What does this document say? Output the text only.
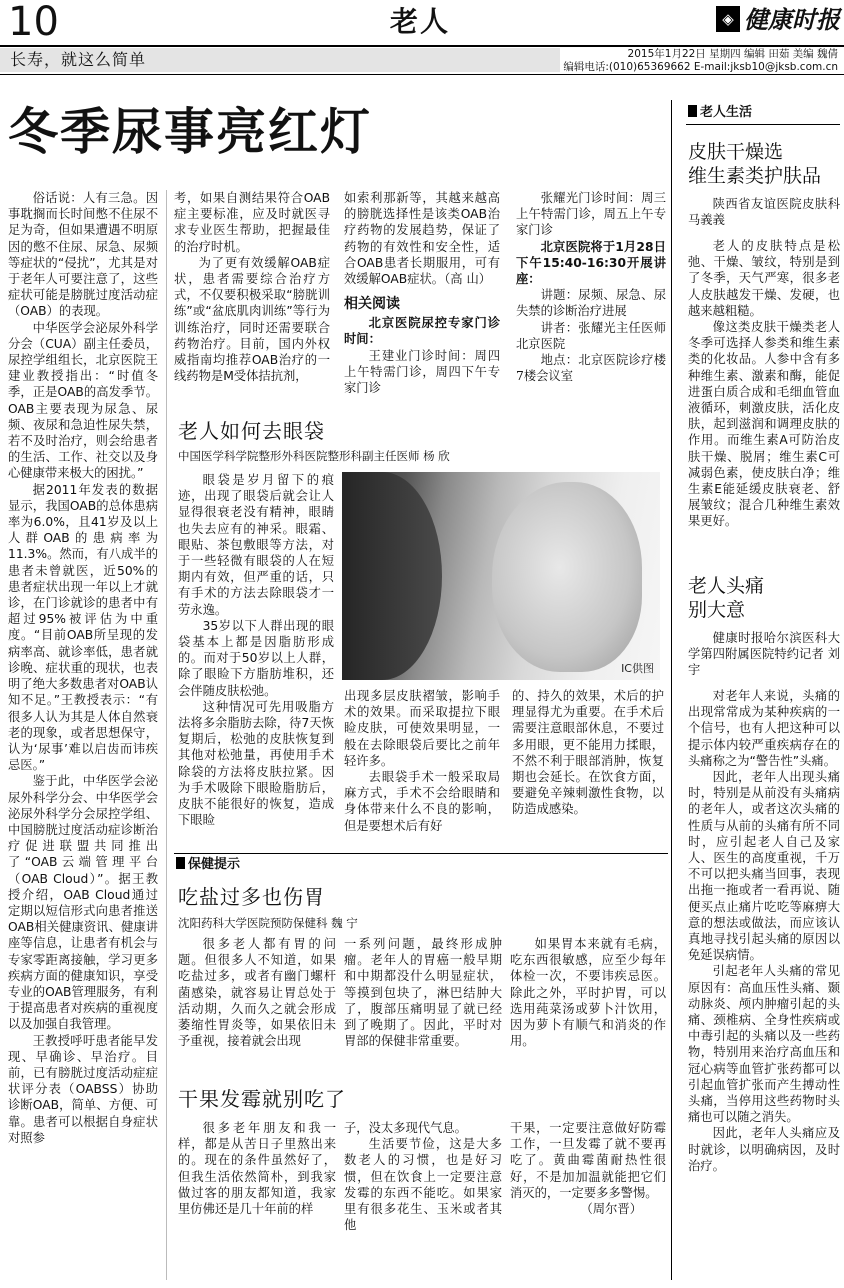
10	老人	◈ 健康时报
长寿，就这么简单	2015年1月22日 星期四 编辑 田茹 美编 魏倩
编辑电话:(010)65369662 E-mail:jksb10@jksb.com.cn
冬季尿事亮红灯

俗话说：人有三急。因事耽搁而长时间憋不住尿不足为奇，但如果遭遇不明原因的憋不住尿、尿急、尿频等症状的“侵扰”，尤其是对于老年人可要注意了，这些症状可能是膀胱过度活动症（OAB）的表现。

中华医学会泌尿外科学分会（CUA）副主任委员，尿控学组组长，北京医院王建业教授指出：“时值冬季，正是OAB的高发季节。OAB主要表现为尿急、尿频、夜尿和急迫性尿失禁，若不及时治疗，则会给患者的生活、工作、社交以及身心健康带来极大的困扰。”

据2011年发表的数据显示，我国OAB的总体患病率为6.0%，且41岁及以上人群OAB的患病率为11.3%。然而，有八成半的患者未曾就医，近50%的患者症状出现一年以上才就诊，在门诊就诊的患者中有超过95%被评估为中重度。“目前OAB所呈现的发病率高、就诊率低，患者就诊晚、症状重的现状，也表明了绝大多数患者对OAB认知不足。”王教授表示：“有很多人认为其是人体自然衰老的现象，或者思想保守，认为‘尿事’难以启齿而讳疾忌医。”

鉴于此，中华医学会泌尿外科学分会、中华医学会泌尿外科学分会尿控学组、中国膀胱过度活动症诊断治疗促进联盟共同推出了“OAB云端管理平台（OAB Cloud）”。据王教授介绍，OAB Cloud通过定期以短信形式向患者推送OAB相关健康资讯、健康讲座等信息，让患者有机会与专家零距离接触，学习更多疾病方面的健康知识，享受专业的OAB管理服务，有利于提高患者对疾病的重视度以及加强自我管理。

王教授呼吁患者能早发现、早确诊、早治疗。目前，已有膀胱过度活动症症状评分表（OABSS）协助诊断OAB，简单、方便、可靠。患者可以根据自身症状对照参

考，如果自测结果符合OAB症主要标准，应及时就医寻求专业医生帮助，把握最佳的治疗时机。

为了更有效缓解OAB症状，患者需要综合治疗方式，不仅要积极采取“膀胱训练”或“盆底肌肉训练”等行为训练治疗，同时还需要联合药物治疗。目前，国内外权威指南均推荐OAB治疗的一线药物是M受体拮抗剂，

如索利那新等，其越来越高的膀胱选择性是该类OAB治疗药物的发展趋势，保证了药物的有效性和安全性，适合OAB患者长期服用，可有效缓解OAB症状。（高 山）

相关阅读

北京医院尿控专家门诊时间：

王建业门诊时间：周四上午特需门诊，周四下午专家门诊

张耀光门诊时间：周三上午特需门诊，周五上午专家门诊

北京医院将于1月28日下午15:40-16:30开展讲座：

讲题：尿频、尿急、尿失禁的诊断治疗进展

讲者：张耀光主任医师 北京医院

地点：北京医院诊疗楼7楼会议室

老人如何去眼袋
中国医学科学院整形外科医院整形科副主任医师 杨 欣
IC供图

眼袋是岁月留下的痕迹，出现了眼袋后就会让人显得很衰老没有精神，眼睛也失去应有的神采。眼霜、眼贴、茶包敷眼等方法，对于一些轻微有眼袋的人在短期内有效，但严重的话，只有手术的方法去除眼袋才一劳永逸。

35岁以下人群出现的眼袋基本上都是因脂肪形成的。而对于50岁以上人群，除了眼睑下方脂肪堆积，还会伴随皮肤松弛。

这种情况可先用吸脂方法将多余脂肪去除，待7天恢复期后，松弛的皮肤恢复到其他对松弛量，再使用手术除袋的方法将皮肤拉紧。因为手术吸除下眼睑脂肪后，皮肤不能很好的恢复，造成下眼睑

出现多层皮肤褶皱，影响手术的效果。而采取提拉下眼睑皮肤，可使效果明显，一般在去除眼袋后要比之前年轻许多。

去眼袋手术一般采取局麻方式，手术不会给眼睛和身体带来什么不良的影响，但是要想术后有好

的、持久的效果，术后的护理显得尤为重要。在手术后需要注意眼部休息，不要过多用眼，更不能用力揉眼，不然不利于眼部消肿，恢复期也会延长。在饮食方面，要避免辛辣刺激性食物，以防造成感染。

保健提示
吃盐过多也伤胃
沈阳药科大学医院预防保健科 魏 宁

很多老人都有胃的问题。但很多人不知道，如果吃盐过多，或者有幽门螺杆菌感染，就容易让胃总处于活动期，久而久之就会形成萎缩性胃炎等，如果依旧未予重视，接着就会出现

一系列问题，最终形成肿瘤。老年人的胃癌一般早期和中期都没什么明显症状，等摸到包块了，淋巴结肿大了，腹部压痛明显了就已经到了晚期了。因此，平时对胃部的保健非常重要。

如果胃本来就有毛病，吃东西很敏感，应至少每年体检一次，不要讳疾忌医。除此之外，平时护胃，可以选用莼菜汤或萝卜汁饮用，因为萝卜有顺气和消炎的作用。

干果发霉就别吃了

很多老年朋友和我一样，都是从苦日子里熬出来的。现在的条件虽然好了，但我生活依然简朴，到我家做过客的朋友都知道，我家里仿佛还是几十年前的样

子，没太多现代气息。

生活要节俭，这是大多数老人的习惯，也是好习惯，但在饮食上一定要注意发霉的东西不能吃。如果家里有很多花生、玉米或者其他

干果，一定要注意做好防霉工作，一旦发霉了就不要再吃了。黄曲霉菌耐热性很好，不是加加温就能把它们消灭的，一定要多多警惕。

（周尔晋）
老人生活
皮肤干燥选
维生素类护肤品

陕西省友谊医院皮肤科 马義義

老人的皮肤特点是松弛、干燥、皱纹，特别是到了冬季，天气严寒，很多老人皮肤越发干燥、发硬，也越来越粗糙。

像这类皮肤干燥类老人冬季可选择人参类和维生素类的化妆品。人参中含有多种维生素、激素和酶，能促进蛋白质合成和毛细血管血液循环，刺激皮肤，活化皮肤，起到滋润和调理皮肤的作用。而维生素A可防治皮肤干燥、脱屑；维生素C可减弱色素，使皮肤白净；维生素E能延缓皮肤衰老、舒展皱纹；混合几种维生素效果更好。

老人头痛
别大意

健康时报哈尔滨医科大学第四附属医院特约记者 刘 宇

对老年人来说，头痛的出现常常成为某种疾病的一个信号，也有人把这种可以提示体内较严重疾病存在的头痛称之为“警告性”头痛。

因此，老年人出现头痛时，特别是从前没有头痛病的老年人，或者这次头痛的性质与从前的头痛有所不同时，应引起老人自己及家人、医生的高度重视，千万不可以把头痛当回事，表现出拖一拖或者一看再说、随便买点止痛片吃吃等麻痹大意的想法或做法，而应该认真地寻找引起头痛的原因以免延误病情。

引起老年人头痛的常见原因有：高血压性头痛、颞动脉炎、颅内肿瘤引起的头痛、颈椎病、全身性疾病或中毒引起的头痛以及一些药物，特别用来治疗高血压和冠心病等血管扩张药都可以引起血管扩张而产生搏动性头痛，当停用这些药物时头痛也可以随之消失。

因此，老年人头痛应及时就诊，以明确病因，及时治疗。
